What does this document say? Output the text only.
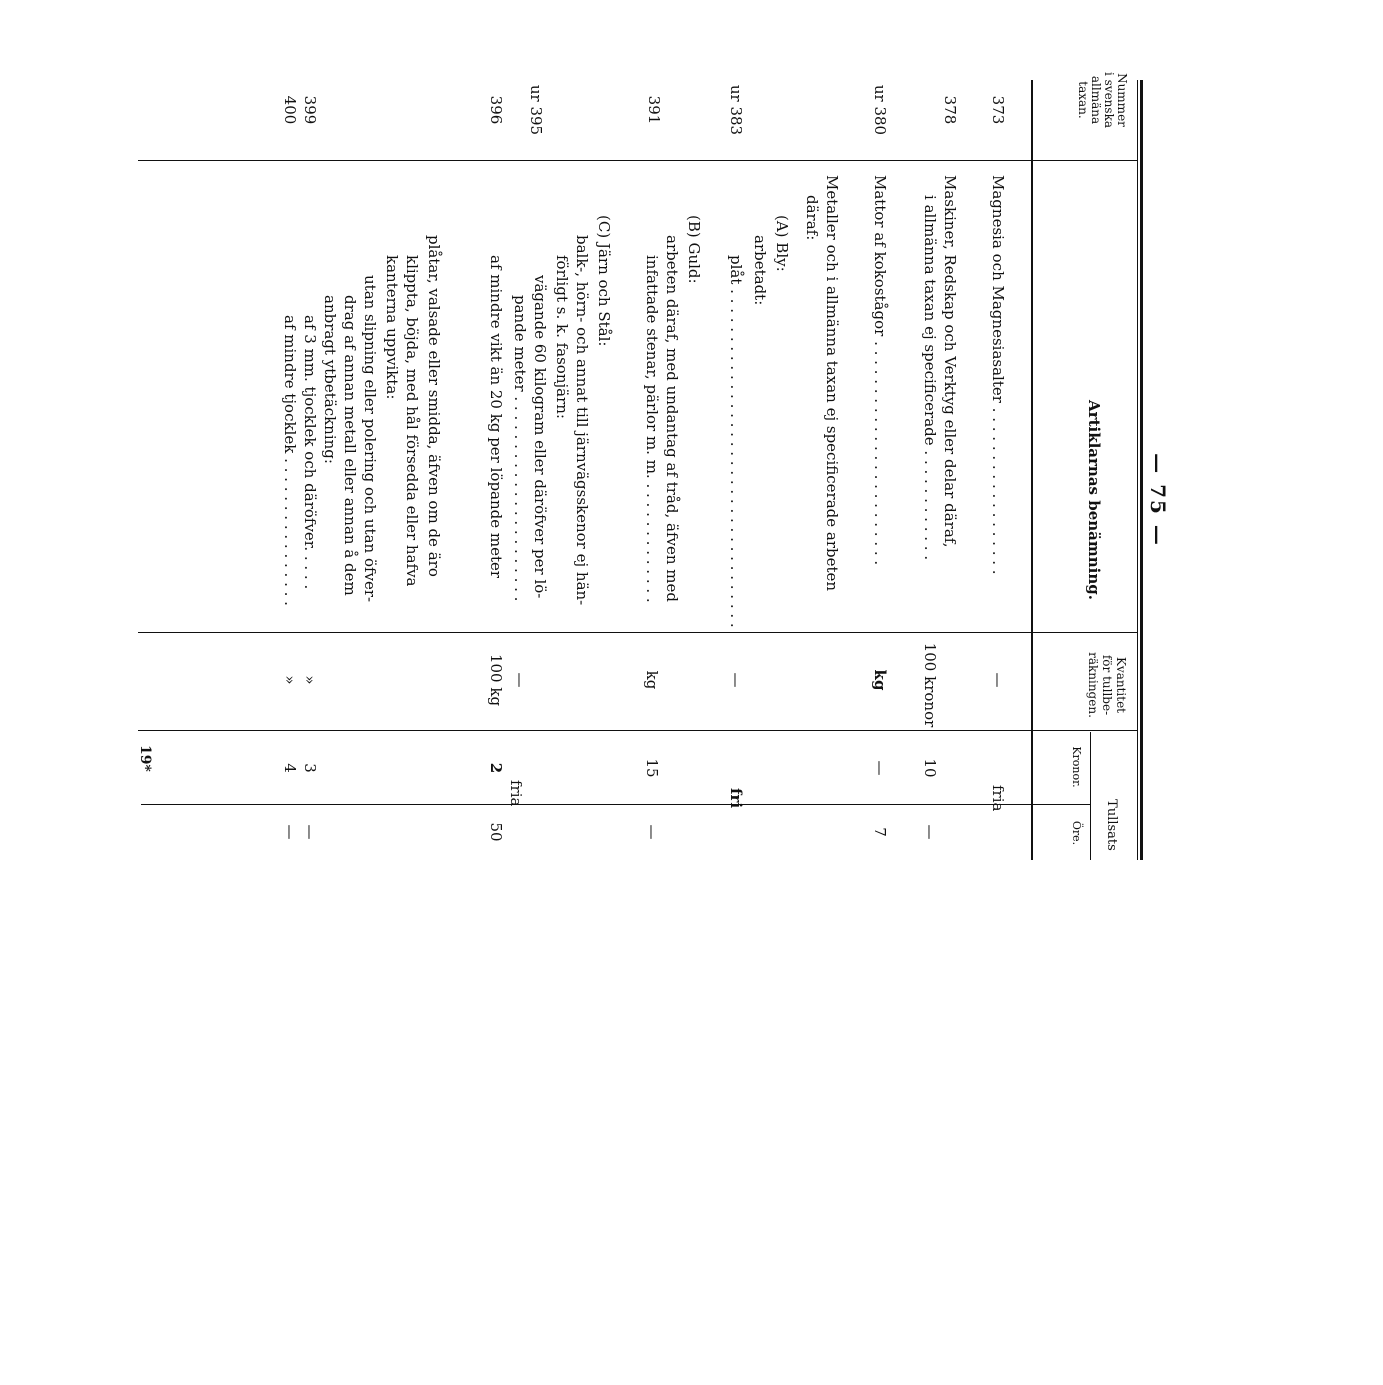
— 75 —
Nummer
i svenska
allmäna
taxan.
Artiklarnas benämning.
Kvantitet
för tullbe-
räkningen.
Tullsats
Kronor.
Öre.
373
Magnesia och Magnesiasalter . . . . . . . . . . . . . . . . . .
—
fria
378
Maskiner, Redskap och Verktyg eller delar däraf,
i allmänna taxan ej specificerade . . . . . . . . . . . .
100 kronor
10
—
ur 380
Mattor af kokostågor . . . . . . . . . . . . . . . . . . . . . . . .
kg
—
7
Metaller och i allmänna taxan ej specificerade arbeten
däraf:
(A) Bly:
arbetadt:
ur 383
plåt . . . . . . . . . . . . . . . . . . . . . . . . . . . . . . . . . . . .
—
fri
(B) Guld:
391
arbeten däraf, med undantag af tråd, äfven med
infattade stenar, pärlor m. m. . . . . . . . . . . . . .
kg
15
—
(C) Järn och Stål:
ur 395
balk-, hörn- och annat till järnvägsskenor ej hän-
förligt s. k. fasonjärn:
vägande 60 kilogram eller däröfver per lö-
pande meter . . . . . . . . . . . . . . . . . . . . . .
—
fria
396
af mindre vikt än 20 kg per löpande meter
100 kg
2
50
plåtar, valsade eller smidda, äfven om de äro
klippta, böjda, med hål försedda eller hafva
kanterna uppvikta:
utan slipning eller polering och utan öfver-
drag af annan metall eller annan å dem
anbragt ytbetäckning:
399
af 3 mm. tjocklek och däröfver. . . . .
»
3
—
400
af mindre tjocklek . . . . . . . . . . . . . . . .
»
4
—
19*
